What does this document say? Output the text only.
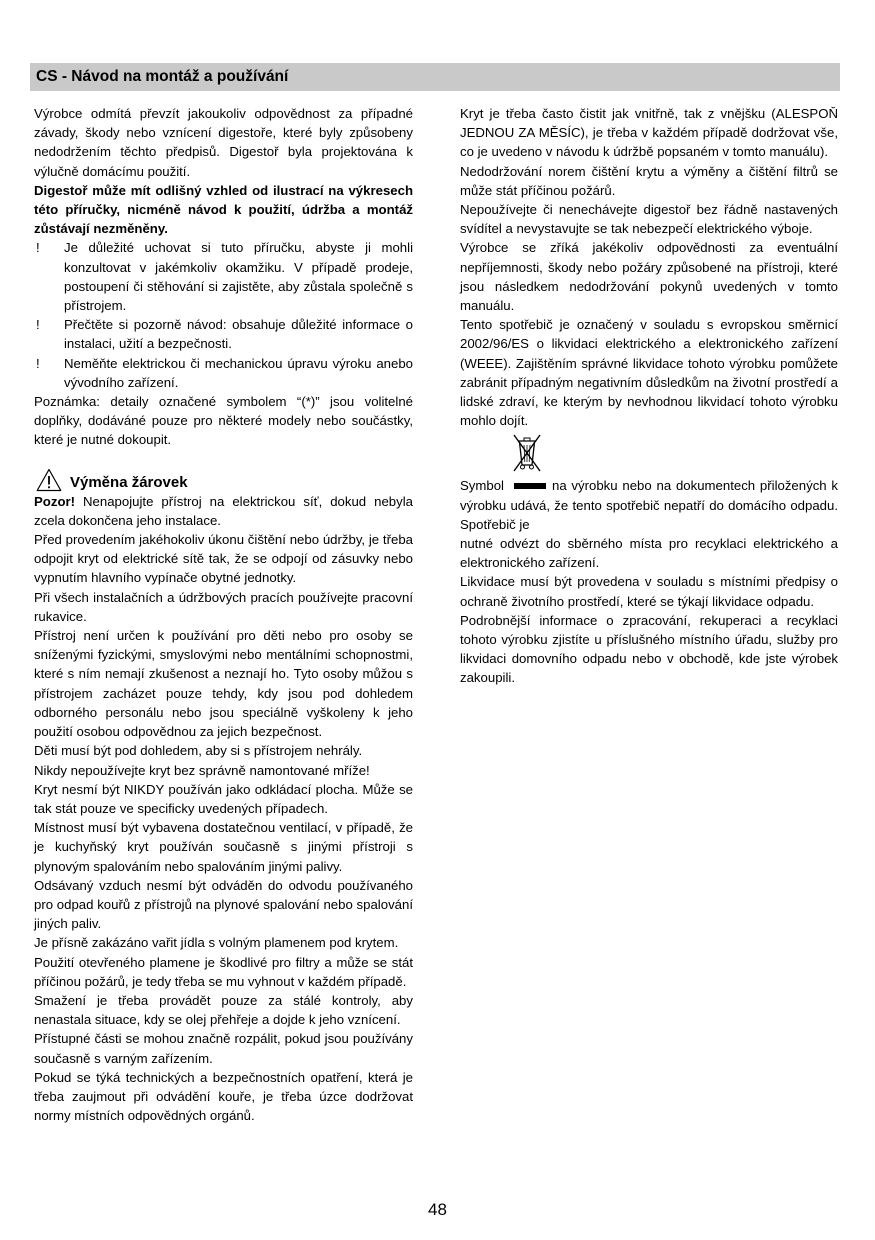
CS - Návod na montáž a používání

Výrobce odmítá převzít jakoukoliv odpovědnost za případné závady, škody nebo vznícení digestoře, které byly způsobeny nedodržením těchto předpisů. Digestoř byla projektována k výlučně domácímu použití.

Digestoř může mít odlišný vzhled od ilustrací na výkresech této příručky, nicméně návod k použití, údržba a montáž zůstávají nezměněny.

!	Je důležité uchovat si tuto příručku, abyste ji mohli konzultovat v jakémkoliv okamžiku. V případě prodeje, postoupení či stěhování si zajistěte, aby zůstala společně s přístrojem.
!	Přečtěte si pozorně návod: obsahuje důležité informace o instalaci, užití a bezpečnosti.
!	Neměňte elektrickou či mechanickou úpravu výroku anebo vývodního zařízení.

Poznámka: detaily označené symbolem “(*)” jsou volitelné doplňky, dodáváné pouze pro některé modely nebo součástky, které je nutné dokoupit.

Výměna žárovek

Pozor! Nenapojujte přístroj na elektrickou síť, dokud nebyla zcela dokončena jeho instalace.

Před provedením jakéhokoliv úkonu čištění nebo údržby, je třeba odpojit kryt od elektrické sítě tak, že se odpojí od zásuvky nebo vypnutím hlavního vypínače obytné jednotky.

Při všech instalačních a údržbových pracích používejte pracovní rukavice.

Přístroj není určen k používání pro děti nebo pro osoby se sníženými fyzickými, smyslovými nebo mentálními schopnostmi, které s ním nemají zkušenost a neznají ho. Tyto osoby můžou s přístrojem zacházet pouze tehdy, kdy jsou pod dohledem odborného personálu nebo jsou speciálně vyškoleny k jeho použití osobou odpovědnou za jejich bezpečnost.

Děti musí být pod dohledem, aby si s přístrojem nehrály.

Nikdy nepoužívejte kryt bez správně namontované mříže!

Kryt nesmí být NIKDY používán jako odkládací plocha. Může se tak stát pouze ve specificky uvedených případech.

Místnost musí být vybavena dostatečnou ventilací, v případě, že je kuchyňský kryt používán současně s jinými přístroji s plynovým spalováním nebo spalováním jinými palivy.

Odsávaný vzduch nesmí být odváděn do odvodu používaného pro odpad kouřů z přístrojů na plynové spalování nebo spalování jiných paliv.

Je přísně zakázáno vařit jídla s volným plamenem pod krytem.

Použití otevřeného plamene je škodlivé pro filtry a může se stát příčinou požárů, je tedy třeba se mu vyhnout v každém případě.

Smažení je třeba provádět pouze za stálé kontroly, aby nenastala situace, kdy se olej přehřeje a dojde k jeho vznícení.

Přístupné části se mohou značně rozpálit, pokud jsou používány současně s varným zařízením.

Pokud se týká technických a bezpečnostních opatření, která je třeba zaujmout při odvádění kouře, je třeba úzce dodržovat normy místních odpovědných orgánů.

Kryt je třeba často čistit jak vnitřně, tak z vnějšku (ALESPOŇ JEDNOU ZA MĚSÍC), je třeba v každém případě dodržovat vše, co je uvedeno v návodu k údržbě popsaném v tomto manuálu).

Nedodržování norem čištění krytu a výměny a čištění filtrů se může stát příčinou požárů.

Nepoužívejte či nenechávejte digestoř bez řádně nastavených svídítel a nevystavujte se tak nebezpečí elektrického výboje.

Výrobce se zříká jakékoliv odpovědnosti za eventuální nepříjemnosti, škody nebo požáry způsobené na přístroji, které jsou následkem nedodržování pokynů uvedených v tomto manuálu.

Tento spotřebič je označený v souladu s evropskou směrnicí 2002/96/ES o likvidaci elektrického a elektronického zařízení (WEEE). Zajištěním správné likvidace tohoto výrobku pomůžete zabránit případným negativním důsledkům na životní prostředí a lidské zdraví, ke kterým by nevhodnou likvidací tohoto výrobku mohlo dojít.

Symbol	na výrobku nebo na dokumentech přiložených k výrobku udává, že tento spotřebič nepatří do domácího odpadu. Spotřebič je

nutné odvézt do sběrného místa pro recyklaci elektrického a elektronického zařízení.

Likvidace musí být provedena v souladu s místními předpisy o ochraně životního prostředí, které se týkají likvidace odpadu.

Podrobnější informace o zpracování, rekuperaci a recyklaci tohoto výrobku zjistíte u příslušného místního úřadu, služby pro likvidaci domovního odpadu nebo v obchodě, kde jste výrobek zakoupili.

48
